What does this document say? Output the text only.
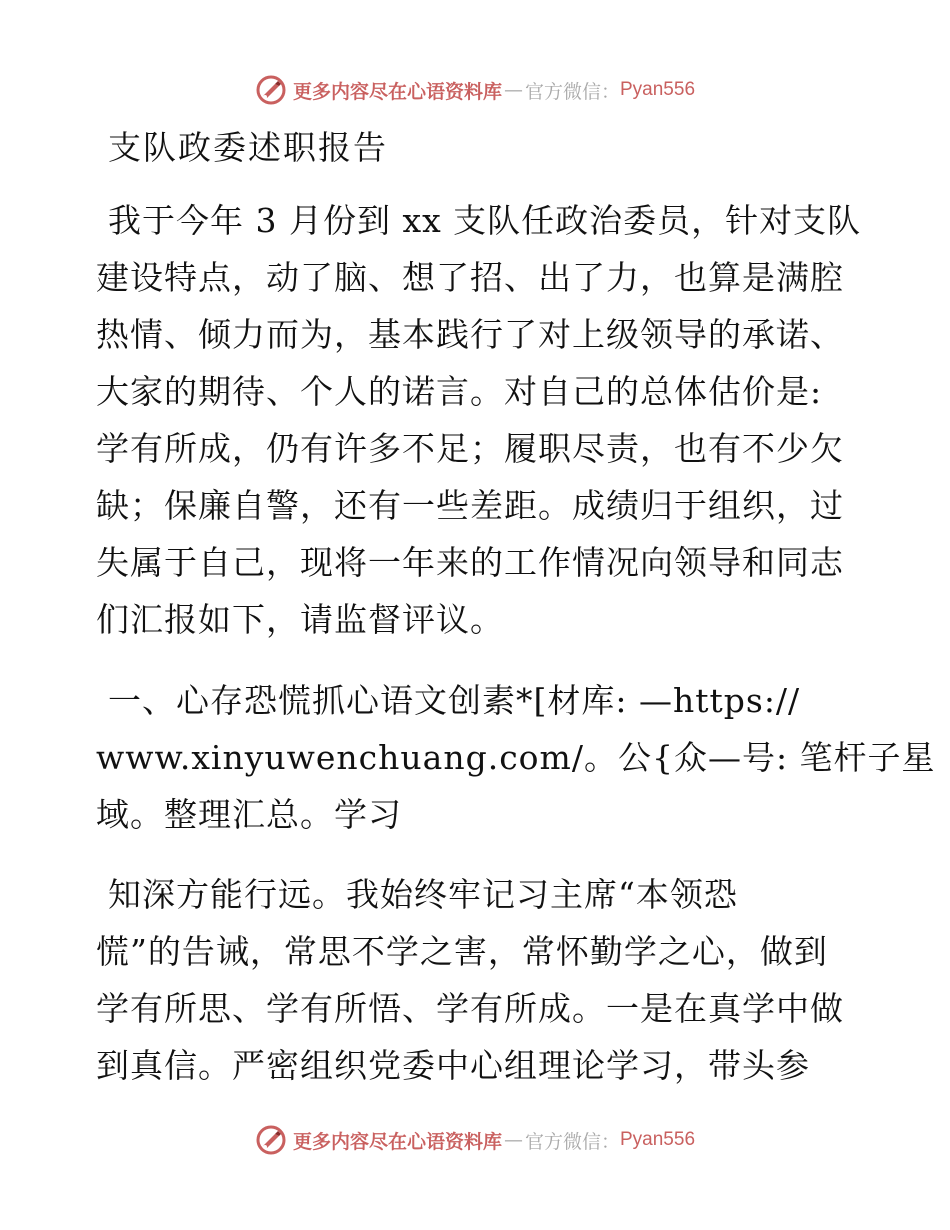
更多内容尽在心语资料库 — 官方微信： Pyan556
支队政委述职报告
我于今年 3 月份到 xx 支队任政治委员，针对支队
建设特点，动了脑、想了招、出了力，也算是满腔
热情、倾力而为，基本践行了对上级领导的承诺、
大家的期待、个人的诺言。对自己的总体估价是:
学有所成，仍有许多不足；履职尽责，也有不少欠
缺；保廉自警，还有一些差距。成绩归于组织，过
失属于自己，现将一年来的工作情况向领导和同志
们汇报如下，请监督评议。
一、心存恐慌抓心语文创素*[材库: —https://
www.xinyuwenchuang.com/。公{众—号: 笔杆子星
域。整理汇总。学习
知深方能行远。我始终牢记习主席“本领恐
慌”的告诫，常思不学之害，常怀勤学之心，做到
学有所思、学有所悟、学有所成。一是在真学中做
到真信。严密组织党委中心组理论学习，带头参
更多内容尽在心语资料库 — 官方微信： Pyan556
